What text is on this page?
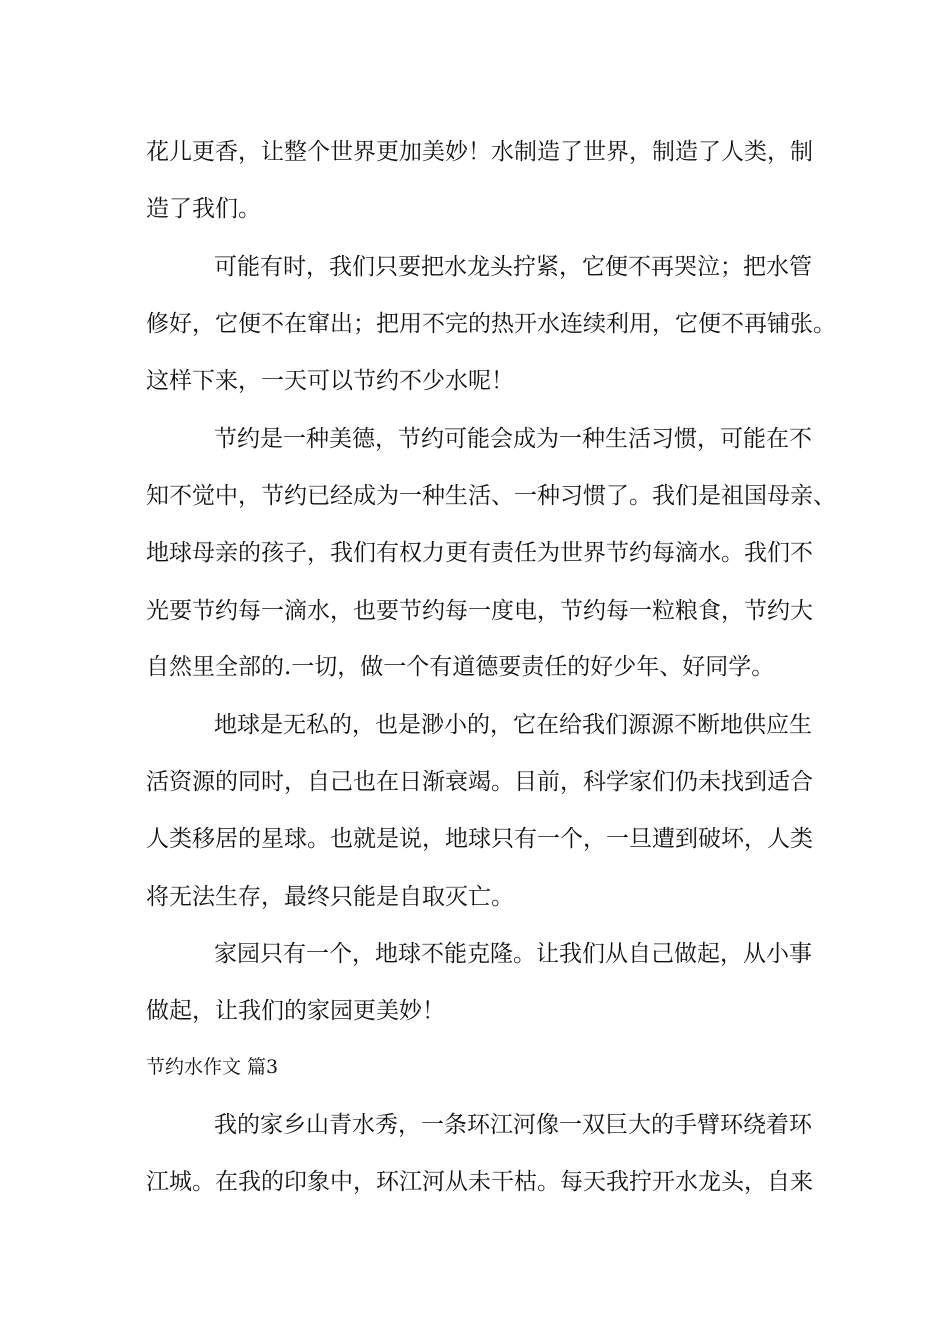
花儿更香，让整个世界更加美妙！水制造了世界，制造了人类，制
造了我们。
可能有时，我们只要把水龙头拧紧，它便不再哭泣；把水管
修好，它便不在窜出；把用不完的热开水连续利用，它便不再铺张。
这样下来，一天可以节约不少水呢！
节约是一种美德，节约可能会成为一种生活习惯，可能在不
知不觉中，节约已经成为一种生活、一种习惯了。我们是祖国母亲、
地球母亲的孩子，我们有权力更有责任为世界节约每滴水。我们不
光要节约每一滴水，也要节约每一度电，节约每一粒粮食，节约大
自然里全部的.一切，做一个有道德要责任的好少年、好同学。
地球是无私的，也是渺小的，它在给我们源源不断地供应生
活资源的同时，自己也在日渐衰竭。目前，科学家们仍未找到适合
人类移居的星球。也就是说，地球只有一个，一旦遭到破坏，人类
将无法生存，最终只能是自取灭亡。
家园只有一个，地球不能克隆。让我们从自己做起，从小事
做起，让我们的家园更美妙！
节约水作文 篇3
我的家乡山青水秀，一条环江河像一双巨大的手臂环绕着环
江城。在我的印象中，环江河从未干枯。每天我拧开水龙头，自来
